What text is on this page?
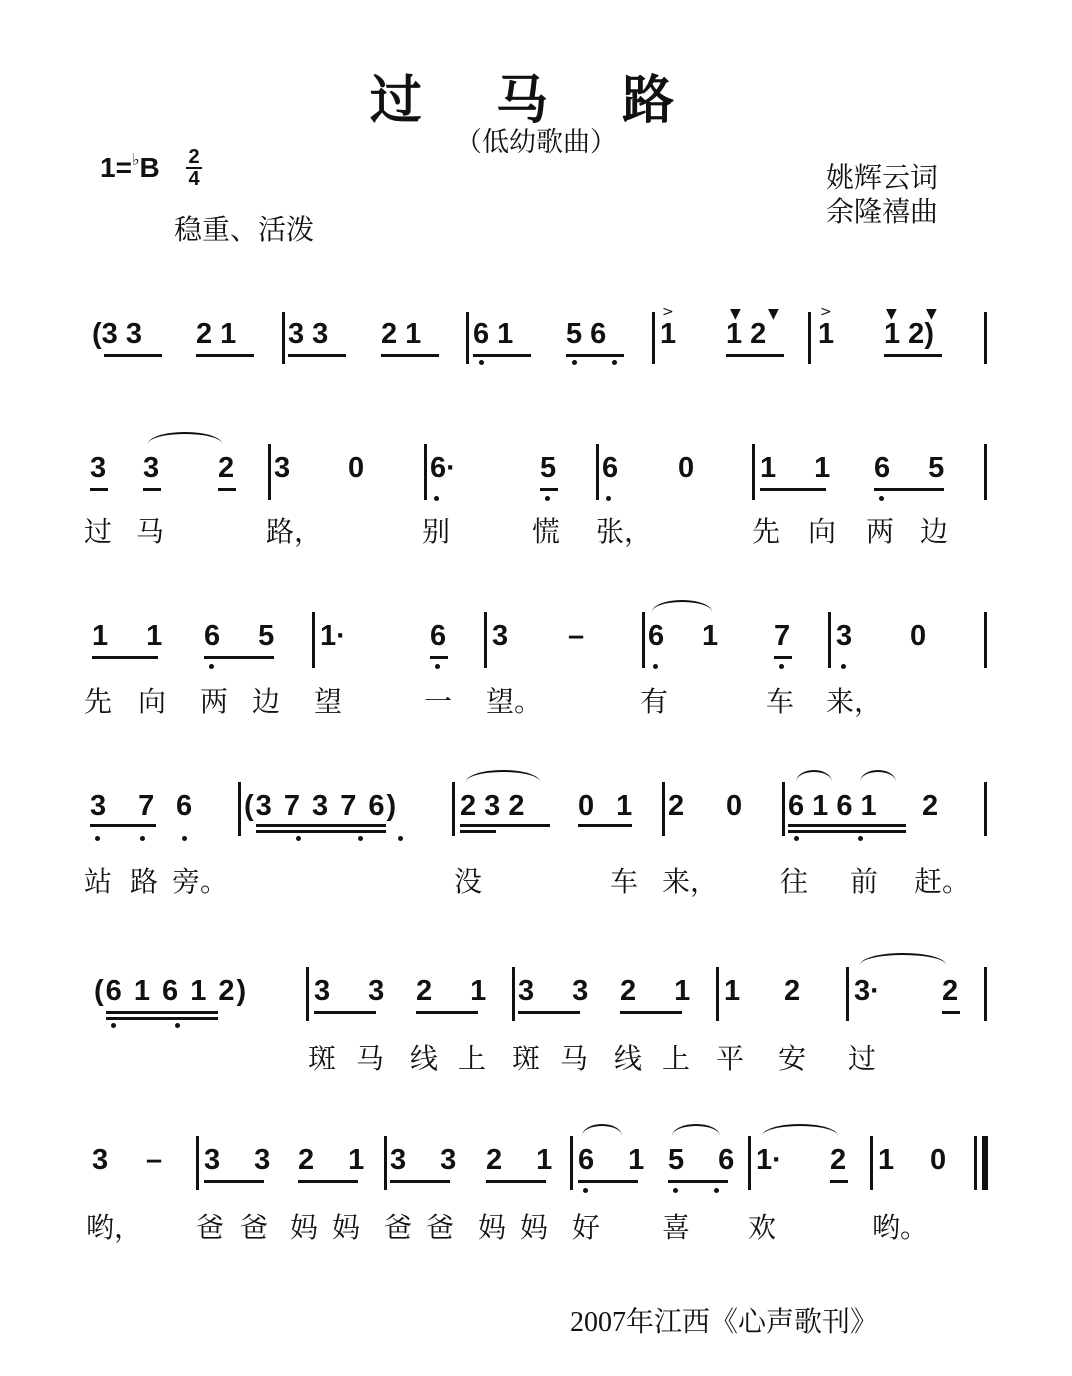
过 马 路
（低幼歌曲）
1=♭B 2
4
稳重、活泼
姚辉云词
余隆禧曲
(3 3 2 1 3 3 2 1 6 1 5 6 1 1 2 1 1 2)
>	>
▼ ▼	▼ ▼
3 3 2 3 0 6·	5 6 0 1 1 6 5
过 马	路，	别	慌 张，	先 向 两 边
1 1 6 5 1·	6 3 – 6 1 7 3 0
先 向 两 边 望	一 望。	有	车 来，
3 7 6 (3 7 3 7 6) 2 3 2 0 1 2 0 6 1 6 1 2
站 路 旁。	没	车 来， 往 前 赶。
(6 1 6 1 2) 3 3 2 1 3 3 2 1 1 2 3· 2
斑 马 线 上 斑 马 线 上 平 安 过
3 – 3 3 2 1 3 3 2 1 6 1 5 6 1· 2 1 0
哟， 爸 爸 妈 妈 爸 爸 妈 妈 好 喜 欢	哟。
2007年江西《心声歌刊》
